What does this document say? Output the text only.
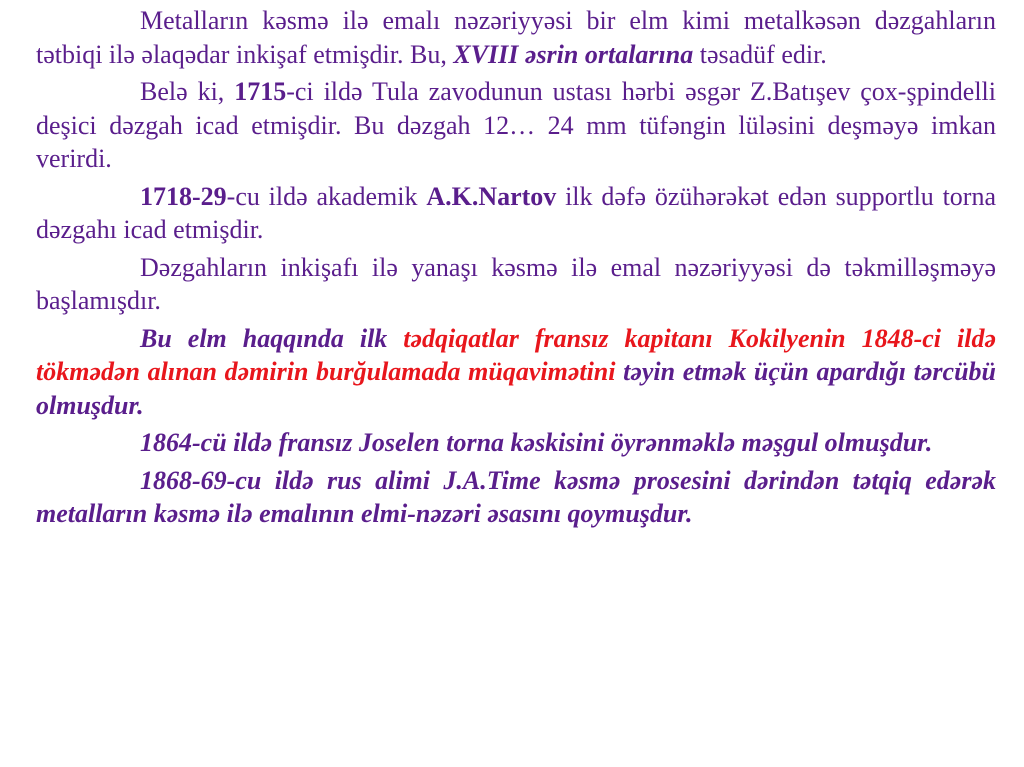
Metalların kəsmə ilə emalı nəzəriyyəsi bir elm kimi metalkəsən dəzgahların tətbiqi ilə əlaqədar inkişaf etmişdir. Bu, XVIII əsrin ortalarına təsadüf edir.

Belə ki, 1715-ci ildə Tula zavodunun ustası hərbi əsgər Z.Batışev çox-şpindelli deşici dəzgah icad etmişdir. Bu dəzgah 12… 24 mm tüfəngin lüləsini deşməyə imkan verirdi.

1718-29-cu ildə akademik A.K.Nartov ilk dəfə özühərəkət edən supportlu torna dəzgahı icad etmişdir.

Dəzgahların inkişafı ilə yanaşı kəsmə ilə emal nəzəriyyəsi də təkmilləşməyə başlamışdır.

Bu elm haqqında ilk tədqiqatlar fransız kapitanı Kokilyenin 1848-ci ildə tökmədən alınan dəmirin burğulamada müqavimətini təyin etmək üçün apardığı tərcübü olmuşdur.

1864-cü ildə fransız Joselen torna kəskisini öyrənməklə məşgul olmuşdur.

1868-69-cu ildə rus alimi J.A.Time kəsmə prosesini dərindən tətqiq edərək metalların kəsmə ilə emalının elmi-nəzəri əsasını qoymuşdur.
